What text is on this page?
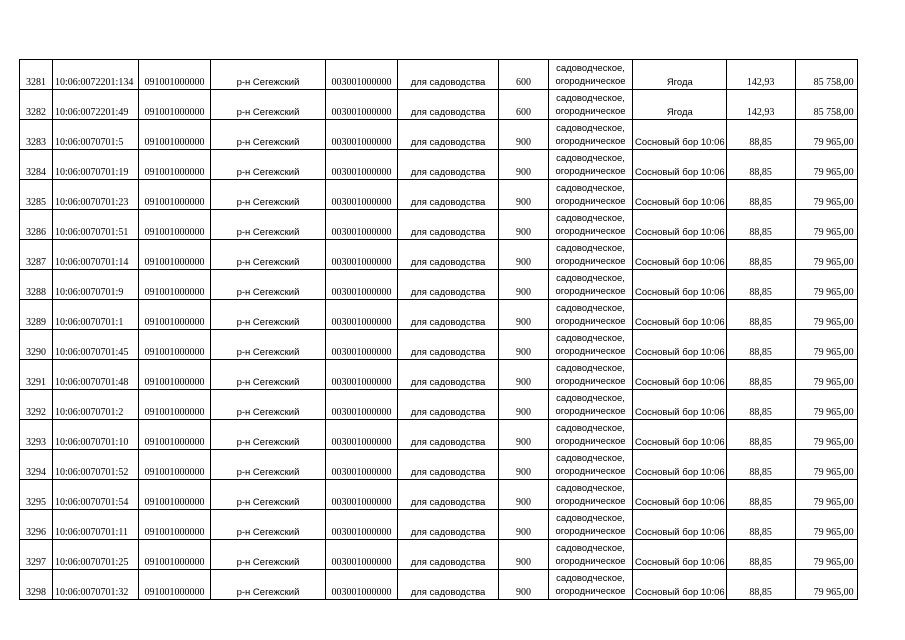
3281	10:06:0072201:134	091001000000	р-н Сегежский	003001000000	для садоводства	600	садоводческое,
огородническое	Ягода	142,93	85 758,00
3282	10:06:0072201:49	091001000000	р-н Сегежский	003001000000	для садоводства	600	садоводческое,
огородническое	Ягода	142,93	85 758,00
3283	10:06:0070701:5	091001000000	р-н Сегежский	003001000000	для садоводства	900	садоводческое,
огородническое	Сосновый бор 10:06	88,85	79 965,00
3284	10:06:0070701:19	091001000000	р-н Сегежский	003001000000	для садоводства	900	садоводческое,
огородническое	Сосновый бор 10:06	88,85	79 965,00
3285	10:06:0070701:23	091001000000	р-н Сегежский	003001000000	для садоводства	900	садоводческое,
огородническое	Сосновый бор 10:06	88,85	79 965,00
3286	10:06:0070701:51	091001000000	р-н Сегежский	003001000000	для садоводства	900	садоводческое,
огородническое	Сосновый бор 10:06	88,85	79 965,00
3287	10:06:0070701:14	091001000000	р-н Сегежский	003001000000	для садоводства	900	садоводческое,
огородническое	Сосновый бор 10:06	88,85	79 965,00
3288	10:06:0070701:9	091001000000	р-н Сегежский	003001000000	для садоводства	900	садоводческое,
огородническое	Сосновый бор 10:06	88,85	79 965,00
3289	10:06:0070701:1	091001000000	р-н Сегежский	003001000000	для садоводства	900	садоводческое,
огородническое	Сосновый бор 10:06	88,85	79 965,00
3290	10:06:0070701:45	091001000000	р-н Сегежский	003001000000	для садоводства	900	садоводческое,
огородническое	Сосновый бор 10:06	88,85	79 965,00
3291	10:06:0070701:48	091001000000	р-н Сегежский	003001000000	для садоводства	900	садоводческое,
огородническое	Сосновый бор 10:06	88,85	79 965,00
3292	10:06:0070701:2	091001000000	р-н Сегежский	003001000000	для садоводства	900	садоводческое,
огородническое	Сосновый бор 10:06	88,85	79 965,00
3293	10:06:0070701:10	091001000000	р-н Сегежский	003001000000	для садоводства	900	садоводческое,
огородническое	Сосновый бор 10:06	88,85	79 965,00
3294	10:06:0070701:52	091001000000	р-н Сегежский	003001000000	для садоводства	900	садоводческое,
огородническое	Сосновый бор 10:06	88,85	79 965,00
3295	10:06:0070701:54	091001000000	р-н Сегежский	003001000000	для садоводства	900	садоводческое,
огородническое	Сосновый бор 10:06	88,85	79 965,00
3296	10:06:0070701:11	091001000000	р-н Сегежский	003001000000	для садоводства	900	садоводческое,
огородническое	Сосновый бор 10:06	88,85	79 965,00
3297	10:06:0070701:25	091001000000	р-н Сегежский	003001000000	для садоводства	900	садоводческое,
огородническое	Сосновый бор 10:06	88,85	79 965,00
3298	10:06:0070701:32	091001000000	р-н Сегежский	003001000000	для садоводства	900	садоводческое,
огородническое	Сосновый бор 10:06	88,85	79 965,00
